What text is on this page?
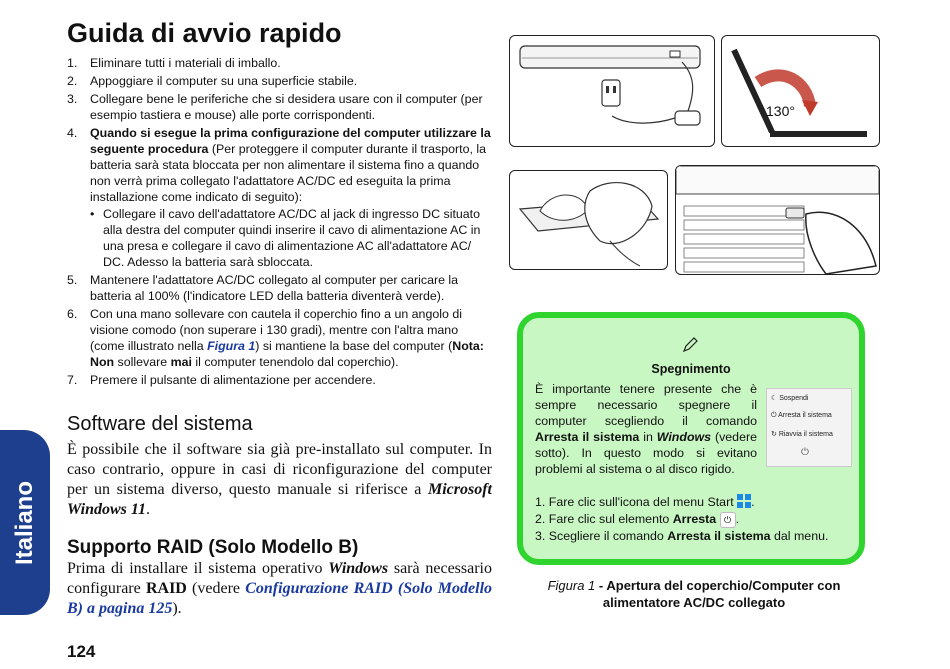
Italiano
Guida di avvio rapido
1. Eliminare tutti i materiali di imballo.
2. Appoggiare il computer su una superficie stabile.
3. Collegare bene le periferiche che si desidera usare con il computer (per esempio tastiera e mouse) alle porte corrispondenti.
4. Quando si esegue la prima configurazione del computer utilizzare la seguente procedura (Per proteggere il computer durante il trasporto, la batteria sarà stata bloccata per non alimentare il sistema fino a quando non verrà prima collegato l'adattatore AC/DC ed eseguita la prima installazione come indicato di seguito):
• Collegare il cavo dell'adattatore AC/DC al jack di ingresso DC situato alla destra del computer quindi inserire il cavo di alimentazione AC in una presa e collegare il cavo di alimentazione AC all'adattatore AC/ DC. Adesso la batteria sarà sbloccata.
5. Mantenere l'adattatore AC/DC collegato al computer per caricare la batteria al 100% (l'indicatore LED della batteria diventerà verde).
6. Con una mano sollevare con cautela il coperchio fino a un angolo di visione comodo (non superare i 130 gradi), mentre con l'altra mano (come illustrato nella Figura 1) si mantiene la base del computer (Nota: Non sollevare mai il computer tenendolo dal coperchio).
7. Premere il pulsante di alimentazione per accendere.
Software del sistema
È possibile che il software sia già pre-installato sul computer. In caso contrario, oppure in casi di riconfigurazione del computer per un sistema diverso, questo manuale si riferisce a Microsoft Windows 11.
Supporto RAID (Solo Modello B)
Prima di installare il sistema operativo Windows sarà necessario configurare RAID (vedere Configurazione RAID (Solo Modello B) a pagina 125).
124
130°
Spegnimento
È importante tenere presente che è sempre necessario spegnere il computer scegliendo il comando Arresta il sistema in Windows (vedere sotto). In questo modo si evitano problemi al sistema o al disco rigido.
☾ Sospendi
⏻ Arresta il sistema
↻ Riavvia il sistema
⏻
1. Fare clic sull'icona del menu Start .
2. Fare clic sul elemento Arresta ⏻ .
3. Scegliere il comando Arresta il sistema dal menu.
Figura 1 - Apertura del coperchio/Computer con alimentatore AC/DC collegato
